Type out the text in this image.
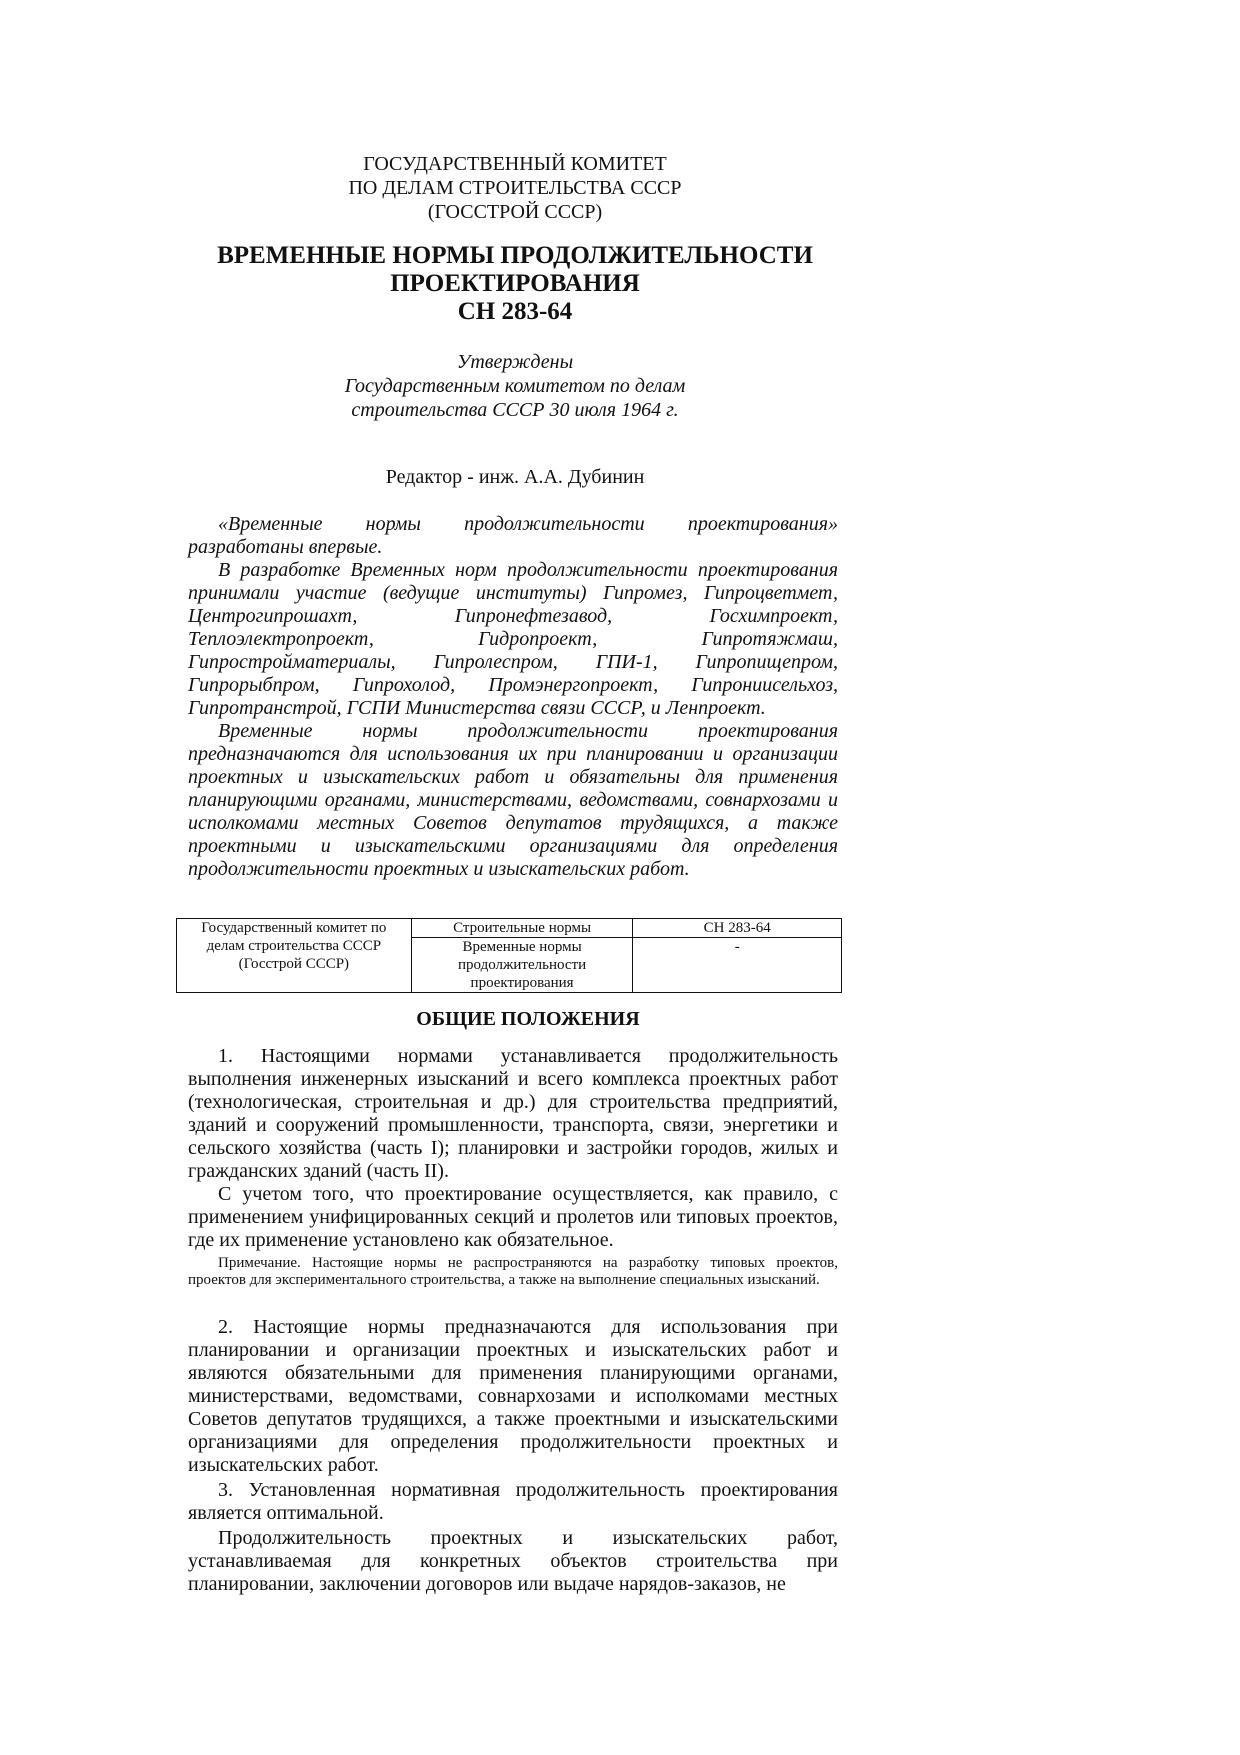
ГОСУДАРСТВЕННЫЙ КОМИТЕТ
ПО ДЕЛАМ СТРОИТЕЛЬСТВА СССР
(ГОССТРОЙ СССР)
ВРЕМЕННЫЕ НОРМЫ ПРОДОЛЖИТЕЛЬНОСТИ
ПРОЕКТИРОВАНИЯ
СН 283-64
Утверждены
Государственным комитетом по делам
строительства СССР 30 июля 1964 г.
Редактор - инж. А.А. Дубинин

«Временные нормы продолжительности проектирования» разработаны впервые.

В разработке Временных норм продолжительности проектирования принимали участие (ведущие институты) Гипромез, Гипроцветмет, Центрогипрошахт, Гипронефтезавод, Госхимпроект, Теплоэлектропроект, Гидропроект, Гипротяжмаш, Гипростройматериалы, Гипролеспром, ГПИ-1, Гипропищепром, Гипрорыбпром, Гипрохолод, Промэнергопроект, Гипрониисельхоз, Гипротранстрой, ГСПИ Министерства связи СССР, и Ленпроект.

Временные нормы продолжительности проектирования предназначаются для использования их при планировании и организации проектных и изыскательских работ и обязательны для применения планирующими органами, министерствами, ведомствами, совнархозами и исполкомами местных Советов депутатов трудящихся, а также проектными и изыскательскими организациями для определения продолжительности проектных и изыскательских работ.

Государственный комитет по делам строительства СССР (Госстрой СССР)	Строительные нормы	СН 283-64
	Временные нормы продолжительности проектирования	-
ОБЩИЕ ПОЛОЖЕНИЯ

1. Настоящими нормами устанавливается продолжительность выполнения инженерных изысканий и всего комплекса проектных работ (технологическая, строительная и др.) для строительства предприятий, зданий и сооружений промышленности, транспорта, связи, энергетики и сельского хозяйства (часть I); планировки и застройки городов, жилых и гражданских зданий (часть II).

С учетом того, что проектирование осуществляется, как правило, с применением унифицированных секций и пролетов или типовых проектов, где их применение установлено как обязательное.

Примечание. Настоящие нормы не распространяются на разработку типовых проектов, проектов для экспериментального строительства, а также на выполнение специальных изысканий.

2. Настоящие нормы предназначаются для использования при планировании и организации проектных и изыскательских работ и являются обязательными для применения планирующими органами, министерствами, ведомствами, совнархозами и исполкомами местных Советов депутатов трудящихся, а также проектными и изыскательскими организациями для определения продолжительности проектных и изыскательских работ.

3. Установленная нормативная продолжительность проектирования является оптимальной.

Продолжительность проектных и изыскательских работ, устанавливаемая для конкретных объектов строительства при планировании, заключении договоров или выдаче нарядов-заказов, не
